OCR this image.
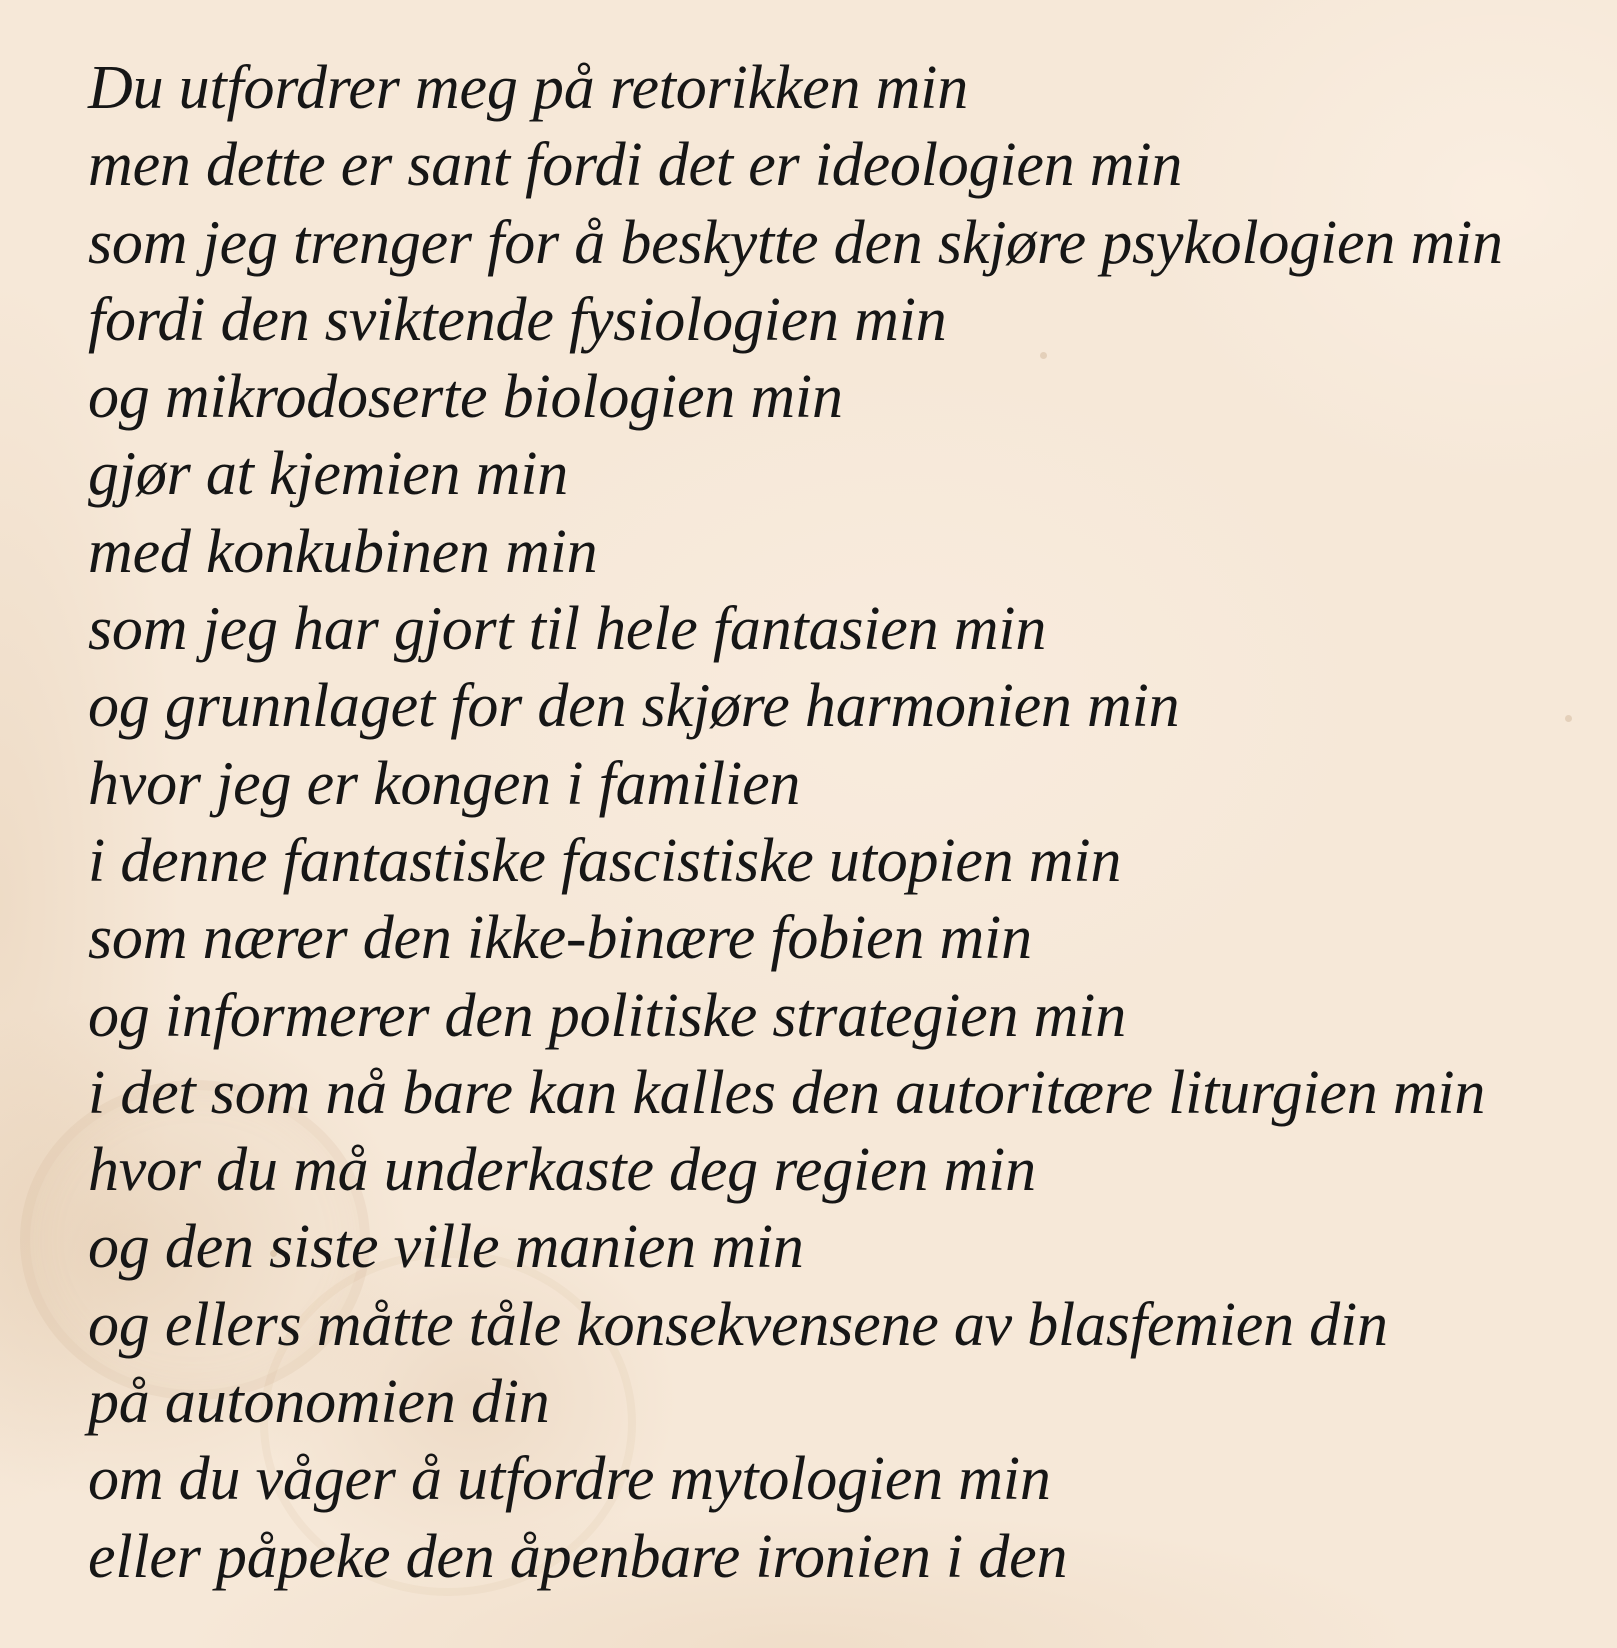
Du utfordrer meg på retorikken min
men dette er sant fordi det er ideologien min
som jeg trenger for å beskytte den skjøre psykologien min
fordi den sviktende fysiologien min
og mikrodoserte biologien min
gjør at kjemien min
med konkubinen min
som jeg har gjort til hele fantasien min
og grunnlaget for den skjøre harmonien min
hvor jeg er kongen i familien
i denne fantastiske fascistiske utopien min
som nærer den ikke-binære fobien min
og informerer den politiske strategien min
i det som nå bare kan kalles den autoritære liturgien min
hvor du må underkaste deg regien min
og den siste ville manien min
og ellers måtte tåle konsekvensene av blasfemien din
på autonomien din
om du våger å utfordre mytologien min
eller påpeke den åpenbare ironien i den
